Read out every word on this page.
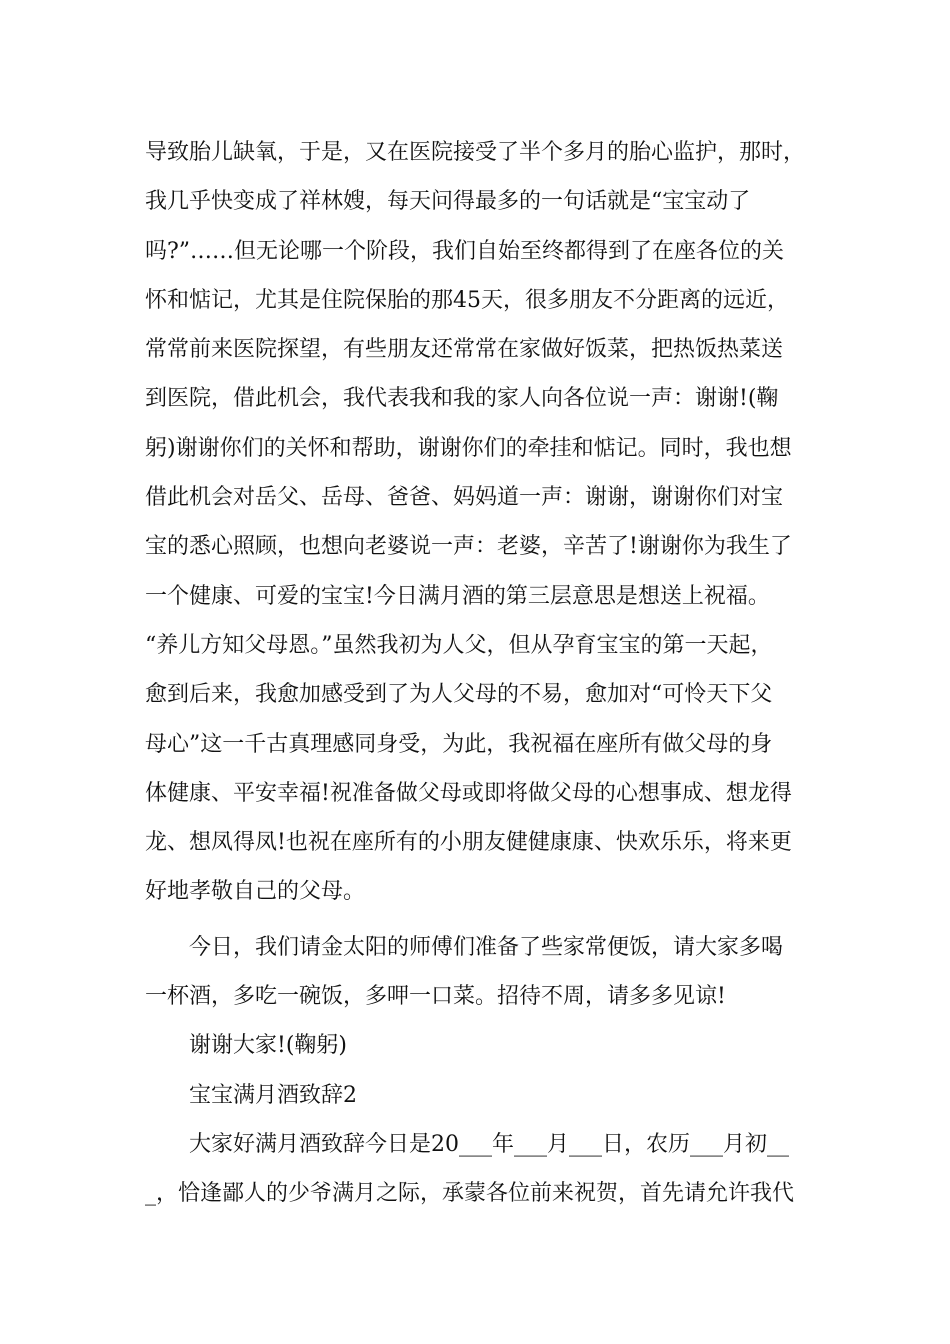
导致胎儿缺氧，于是，又在医院接受了半个多月的胎心监护，那时，
我几乎快变成了祥林嫂，每天问得最多的一句话就是“宝宝动了
吗?”……但无论哪一个阶段，我们自始至终都得到了在座各位的关
怀和惦记，尤其是住院保胎的那45天，很多朋友不分距离的远近，
常常前来医院探望，有些朋友还常常在家做好饭菜，把热饭热菜送
到医院，借此机会，我代表我和我的家人向各位说一声：谢谢!(鞠
躬)谢谢你们的关怀和帮助，谢谢你们的牵挂和惦记。同时，我也想
借此机会对岳父、岳母、爸爸、妈妈道一声：谢谢，谢谢你们对宝
宝的悉心照顾，也想向老婆说一声：老婆，辛苦了!谢谢你为我生了
一个健康、可爱的宝宝!今日满月酒的第三层意思是想送上祝福。
“养儿方知父母恩。”虽然我初为人父，但从孕育宝宝的第一天起，
愈到后来，我愈加感受到了为人父母的不易，愈加对“可怜天下父
母心”这一千古真理感同身受，为此，我祝福在座所有做父母的身
体健康、平安幸福!祝准备做父母或即将做父母的心想事成、想龙得
龙、想凤得凤!也祝在座所有的小朋友健健康康、快欢乐乐，将来更
好地孝敬自己的父母。
今日，我们请金太阳的师傅们准备了些家常便饭，请大家多喝
一杯酒，多吃一碗饭，多呷一口菜。招待不周，请多多见谅!
谢谢大家!(鞠躬)
宝宝满月酒致辞2
大家好满月酒致辞今日是20___年___月___日，农历___月初__
_，恰逢鄙人的少爷满月之际，承蒙各位前来祝贺，首先请允许我代
